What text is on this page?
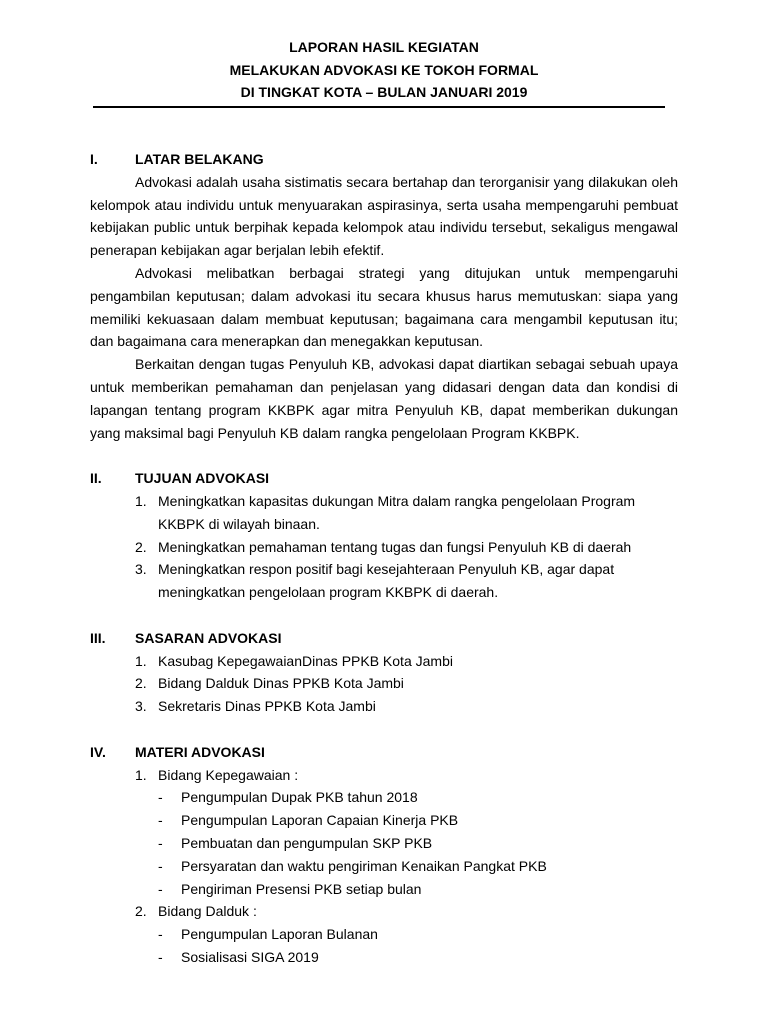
LAPORAN HASIL KEGIATAN
MELAKUKAN ADVOKASI KE TOKOH FORMAL
DI TINGKAT KOTA – BULAN JANUARI 2019
I.	LATAR BELAKANG

Advokasi adalah usaha sistimatis secara bertahap dan terorganisir yang dilakukan oleh kelompok atau individu untuk menyuarakan aspirasinya, serta usaha mempengaruhi pembuat kebijakan public untuk berpihak kepada kelompok atau individu tersebut, sekaligus mengawal penerapan kebijakan agar berjalan lebih efektif.

Advokasi melibatkan berbagai strategi yang ditujukan untuk mempengaruhi pengambilan keputusan; dalam advokasi itu secara khusus harus memutuskan: siapa yang memiliki kekuasaan dalam membuat keputusan; bagaimana cara mengambil keputusan itu; dan bagaimana cara menerapkan dan menegakkan keputusan.

Berkaitan dengan tugas Penyuluh KB, advokasi dapat diartikan sebagai sebuah upaya untuk memberikan pemahaman dan penjelasan yang didasari dengan data dan kondisi di lapangan tentang program KKBPK agar mitra Penyuluh KB, dapat memberikan dukungan yang maksimal bagi Penyuluh KB dalam rangka pengelolaan Program KKBPK.

II. TUJUAN ADVOKASI
1. Meningkatkan kapasitas dukungan Mitra dalam rangka pengelolaan Program KKBPK di wilayah binaan.
2. Meningkatkan pemahaman tentang tugas dan fungsi Penyuluh KB di daerah
3. Meningkatkan respon positif bagi kesejahteraan Penyuluh KB, agar dapat meningkatkan pengelolaan program KKBPK di daerah.
III. SASARAN ADVOKASI
1. Kasubag KepegawaianDinas PPKB Kota Jambi
2. Bidang Dalduk Dinas PPKB Kota Jambi
3. Sekretaris Dinas PPKB Kota Jambi
IV. MATERI ADVOKASI
1. Bidang Kepegawaian :
- Pengumpulan Dupak PKB tahun 2018
- Pengumpulan Laporan Capaian Kinerja PKB
- Pembuatan dan pengumpulan SKP PKB
- Persyaratan dan waktu pengiriman Kenaikan Pangkat PKB
- Pengiriman Presensi PKB setiap bulan
2. Bidang Dalduk :
- Pengumpulan Laporan Bulanan
- Sosialisasi SIGA 2019
